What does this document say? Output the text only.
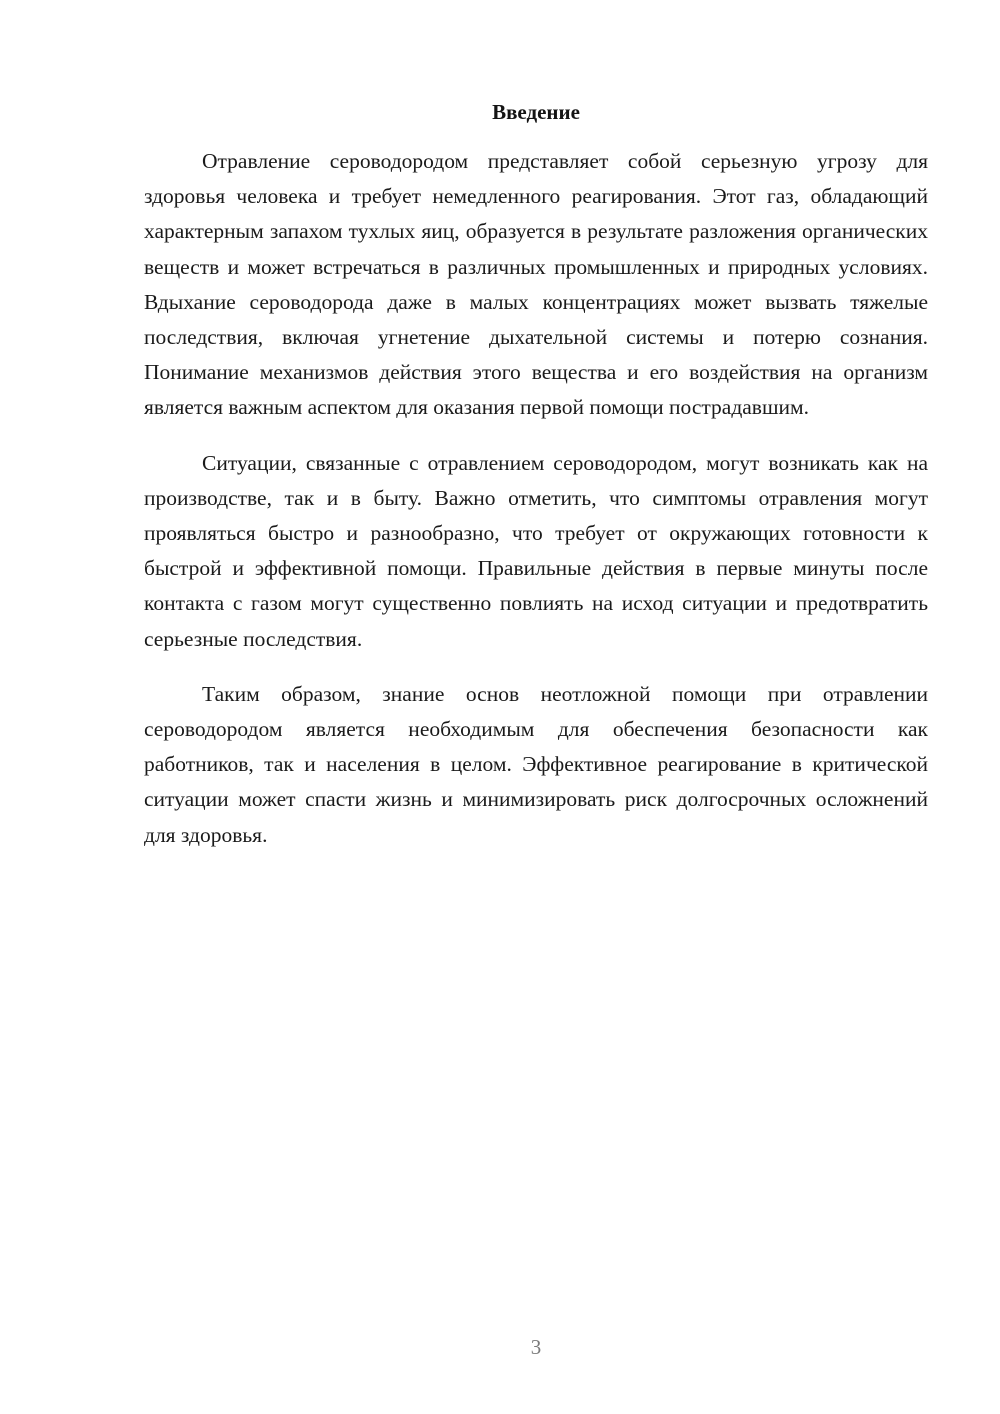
Введение

Отравление сероводородом представляет собой серьезную угрозу для здоровья человека и требует немедленного реагирования. Этот газ, обладающий характерным запахом тухлых яиц, образуется в результате разложения органических веществ и может встречаться в различных промышленных и природных условиях. Вдыхание сероводорода даже в малых концентрациях может вызвать тяжелые последствия, включая угнетение дыхательной системы и потерю сознания. Понимание механизмов действия этого вещества и его воздействия на организм является важным аспектом для оказания первой помощи пострадавшим.

Ситуации, связанные с отравлением сероводородом, могут возникать как на производстве, так и в быту. Важно отметить, что симптомы отравления могут проявляться быстро и разнообразно, что требует от окружающих готовности к быстрой и эффективной помощи. Правильные действия в первые минуты после контакта с газом могут существенно повлиять на исход ситуации и предотвратить серьезные последствия.

Таким образом, знание основ неотложной помощи при отравлении сероводородом является необходимым для обеспечения безопасности как работников, так и населения в целом. Эффективное реагирование в критической ситуации может спасти жизнь и минимизировать риск долгосрочных осложнений для здоровья.

3
